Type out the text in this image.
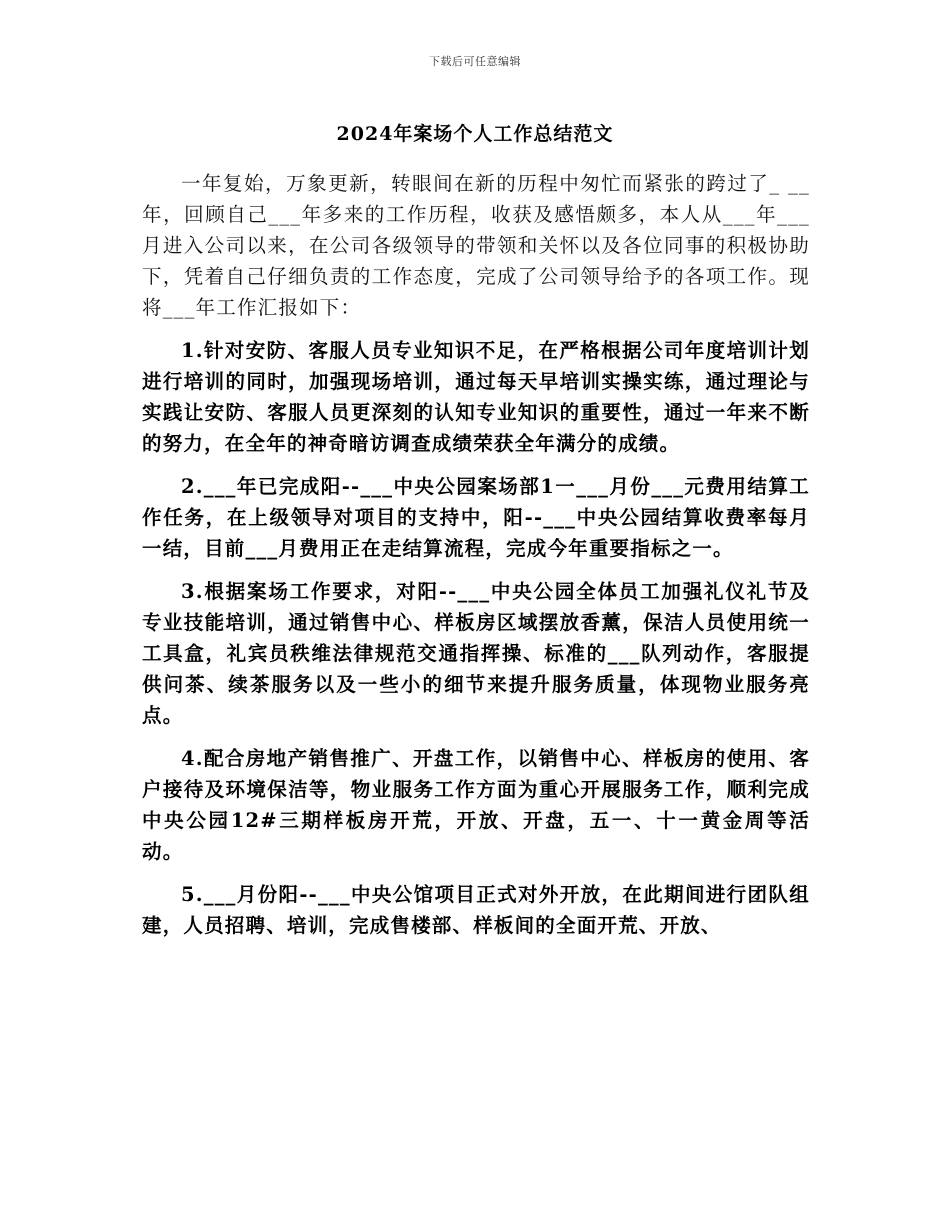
下载后可任意编辑
2024年案场个人工作总结范文

一年复始，万象更新，转眼间在新的历程中匆忙而紧张的跨过了_ __年，回顾自己___年多来的工作历程，收获及感悟颇多，本人从___年___月进入公司以来，在公司各级领导的带领和关怀以及各位同事的积极协助下，凭着自己仔细负责的工作态度，完成了公司领导给予的各项工作。现将___年工作汇报如下：

1.针对安防、客服人员专业知识不足，在严格根据公司年度培训计划进行培训的同时，加强现场培训，通过每天早培训实操实练，通过理论与实践让安防、客服人员更深刻的认知专业知识的重要性，通过一年来不断的努力，在全年的神奇暗访调查成绩荣获全年满分的成绩。

2.___年已完成阳--___中央公园案场部1一___月份___元费用结算工作任务，在上级领导对项目的支持中，阳--___中央公园结算收费率每月一结，目前___月费用正在走结算流程，完成今年重要指标之一。

3.根据案场工作要求，对阳--___中央公园全体员工加强礼仪礼节及专业技能培训，通过销售中心、样板房区域摆放香薰，保洁人员使用统一工具盒，礼宾员秩维法律规范交通指挥操、标准的___队列动作，客服提供问茶、续茶服务以及一些小的细节来提升服务质量，体现物业服务亮点。

4.配合房地产销售推广、开盘工作，以销售中心、样板房的使用、客户接待及环境保洁等，物业服务工作方面为重心开展服务工作，顺利完成中央公园12#三期样板房开荒，开放、开盘，五一、十一黄金周等活动。

5.___月份阳--___中央公馆项目正式对外开放，在此期间进行团队组建，人员招聘、培训，完成售楼部、样板间的全面开荒、开放、
